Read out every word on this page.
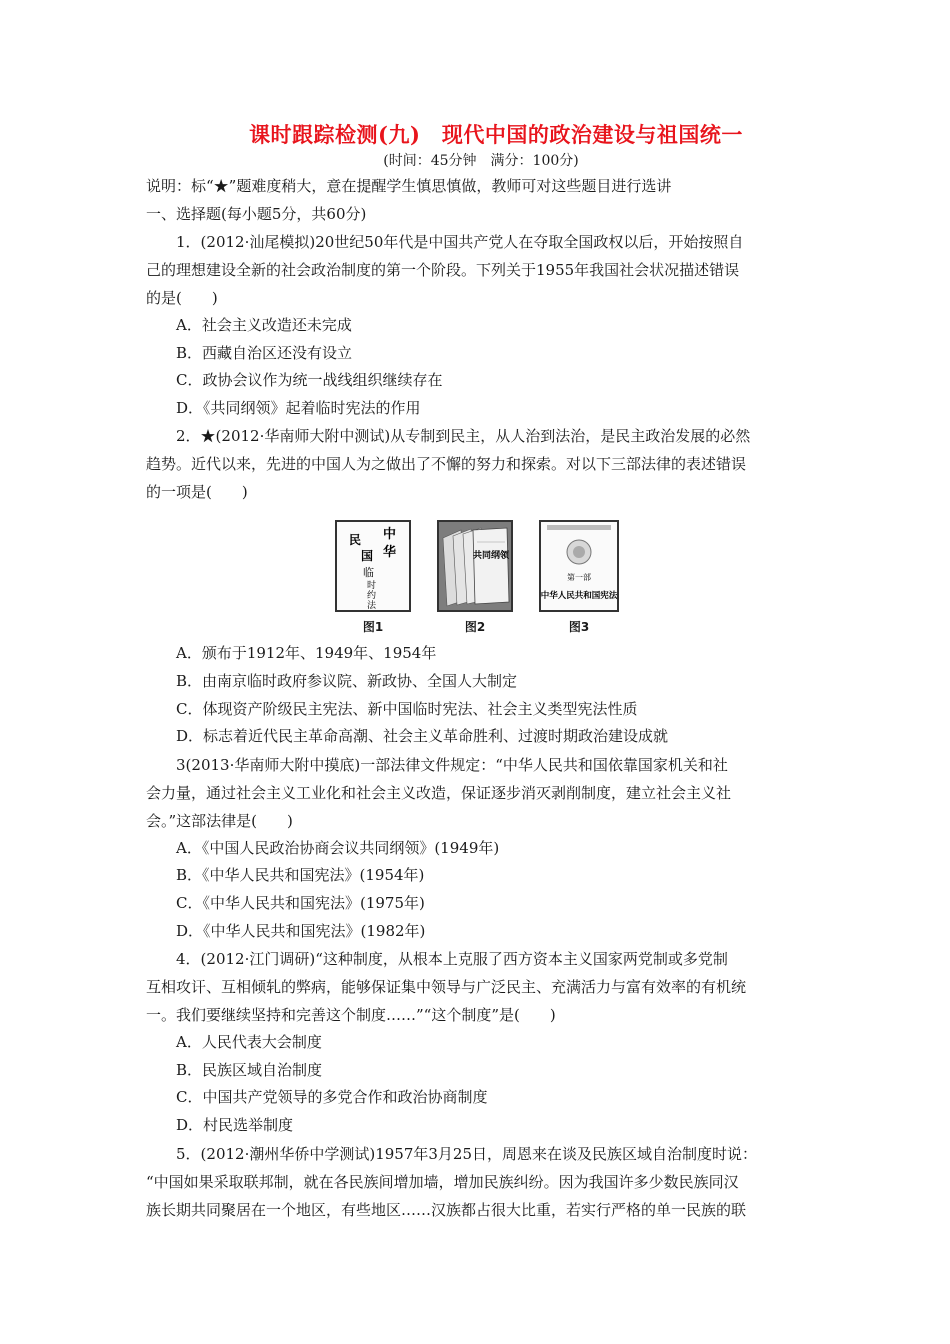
课时跟踪检测(九)　现代中国的政治建设与祖国统一
(时间：45分钟　满分：100分)
说明：标“★”题难度稍大，意在提醒学生慎思慎做，教师可对这些题目进行选讲
一、选择题(每小题5分，共60分)
1．(2012·汕尾模拟)20世纪50年代是中国共产党人在夺取全国政权以后，开始按照自
己的理想建设全新的社会政治制度的第一个阶段。下列关于1955年我国社会状况描述错误
的是(　　)
A．社会主义改造还未完成
B．西藏自治区还没有设立
C．政协会议作为统一战线组织继续存在
D．《共同纲领》起着临时宪法的作用
2．★(2012·华南师大附中测试)从专制到民主，从人治到法治，是民主政治发展的必然
趋势。近代以来，先进的中国人为之做出了不懈的努力和探索。对以下三部法律的表述错误
的一项是(　　)
中
华
民
国
临
时
约
法
图1
共同纲领
图2
第一部
中华人民共和国宪法
图3
A．颁布于1912年、1949年、1954年
B．由南京临时政府参议院、新政协、全国人大制定
C．体现资产阶级民主宪法、新中国临时宪法、社会主义类型宪法性质
D．标志着近代民主革命高潮、社会主义革命胜利、过渡时期政治建设成就
3(2013·华南师大附中摸底)一部法律文件规定：“中华人民共和国依靠国家机关和社
会力量，通过社会主义工业化和社会主义改造，保证逐步消灭剥削制度，建立社会主义社
会。”这部法律是(　　)
A．《中国人民政治协商会议共同纲领》(1949年)
B．《中华人民共和国宪法》(1954年)
C．《中华人民共和国宪法》(1975年)
D．《中华人民共和国宪法》(1982年)
4．(2012·江门调研)“这种制度，从根本上克服了西方资本主义国家两党制或多党制
互相攻讦、互相倾轧的弊病，能够保证集中领导与广泛民主、充满活力与富有效率的有机统
一。我们要继续坚持和完善这个制度……”“这个制度”是(　　)
A．人民代表大会制度
B．民族区域自治制度
C．中国共产党领导的多党合作和政治协商制度
D．村民选举制度
5．(2012·潮州华侨中学测试)1957年3月25日，周恩来在谈及民族区域自治制度时说：
“中国如果采取联邦制，就在各民族间增加墙，增加民族纠纷。因为我国许多少数民族同汉
族长期共同聚居在一个地区，有些地区……汉族都占很大比重，若实行严格的单一民族的联
